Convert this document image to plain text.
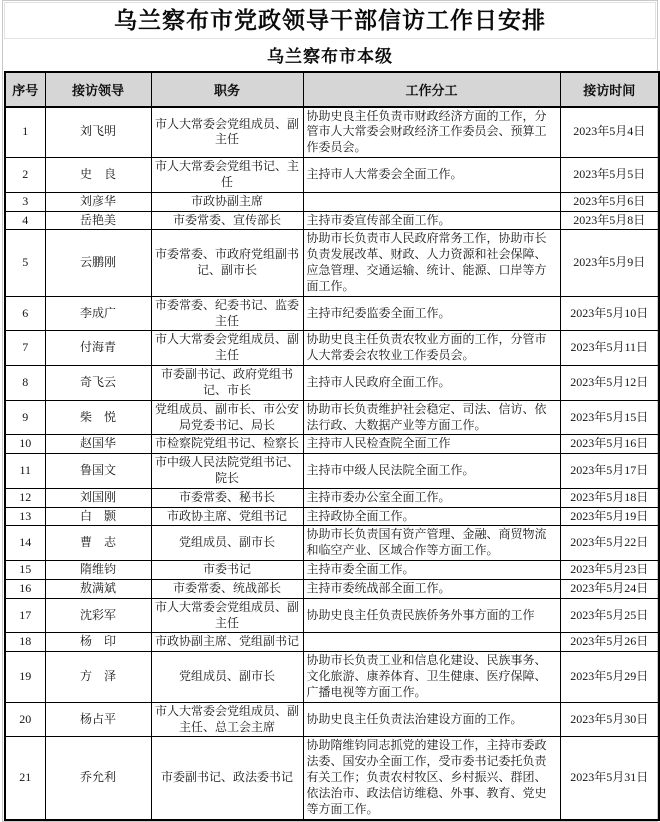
乌兰察布市党政领导干部信访工作日安排
乌兰察布市本级
序号	接访领导	职务	工作分工	接访时间
1	刘飞明	市人大常委会党组成员、副主任	协助史良主任负责市财政经济方面的工作，分管市人大常委会财政经济工作委员会、预算工作委员会。	2023年5月4日
2	史　良	市人大常委会党组书记、主任	主持市人大常委会全面工作。	2023年5月5日
3	刘彦华	市政协副主席		2023年5月6日
4	岳艳美	市委常委、宣传部长	主持市委宣传部全面工作。	2023年5月8日
5	云鹏刚	市委常委、市政府党组副书记、副市长	协助市长负责市人民政府常务工作，协助市长负责发展改革、财政、人力资源和社会保障、应急管理、交通运输、统计、能源、口岸等方面工作。	2023年5月9日
6	李成广	市委常委、纪委书记、监委主任	主持市纪委监委全面工作。	2023年5月10日
7	付海青	市人大常委会党组成员、副主任	协助史良主任负责农牧业方面的工作，分管市人大常委会农牧业工作委员会。	2023年5月11日
8	奇飞云	市委副书记、政府党组书记、市长	主持市人民政府全面工作。	2023年5月12日
9	柴　悦	党组成员、副市长、市公安局党委书记、局长	协助市长负责维护社会稳定、司法、信访、依法行政、大数据产业等方面工作。	2023年5月15日
10	赵国华	市检察院党组书记、检察长	主持市人民检查院全面工作	2023年5月16日
11	鲁国文	市中级人民法院党组书记、院长	主持市中级人民法院全面工作。	2023年5月17日
12	刘国刚	市委常委、秘书长	主持市委办公室全面工作。	2023年5月18日
13	白　颢	市政协主席、党组书记	主持政协全面工作。	2023年5月19日
14	曹　志	党组成员、副市长	协助市长负责国有资产管理、金融、商贸物流和临空产业、区域合作等方面工作。	2023年5月22日
15	隋维钧	市委书记	主持市委全面工作。	2023年5月23日
16	敖满斌	市委常委、统战部长	主持市委统战部全面工作。	2023年5月24日
17	沈彩军	市人大常委会党组成员、副主任	协助史良主任负责民族侨务外事方面的工作	2023年5月25日
18	杨　印	市政协副主席、党组副书记		2023年5月26日
19	方　泽	党组成员、副市长	协助市长负责工业和信息化建设、民族事务、文化旅游、康养体育、卫生健康、医疗保障、广播电视等方面工作。	2023年5月29日
20	杨占平	市人大常委会党组成员、副主任、总工会主席	协助史良主任负责法治建设方面的工作。	2023年5月30日
21	乔允利	市委副书记、政法委书记	协助隋维钧同志抓党的建设工作，主持市委政法委、国安办全面工作，受市委书记委托负责有关工作；负责农村牧区、乡村振兴、群团、依法治市、政法信访维稳、外事、教育、党史等方面工作。	2023年5月31日
